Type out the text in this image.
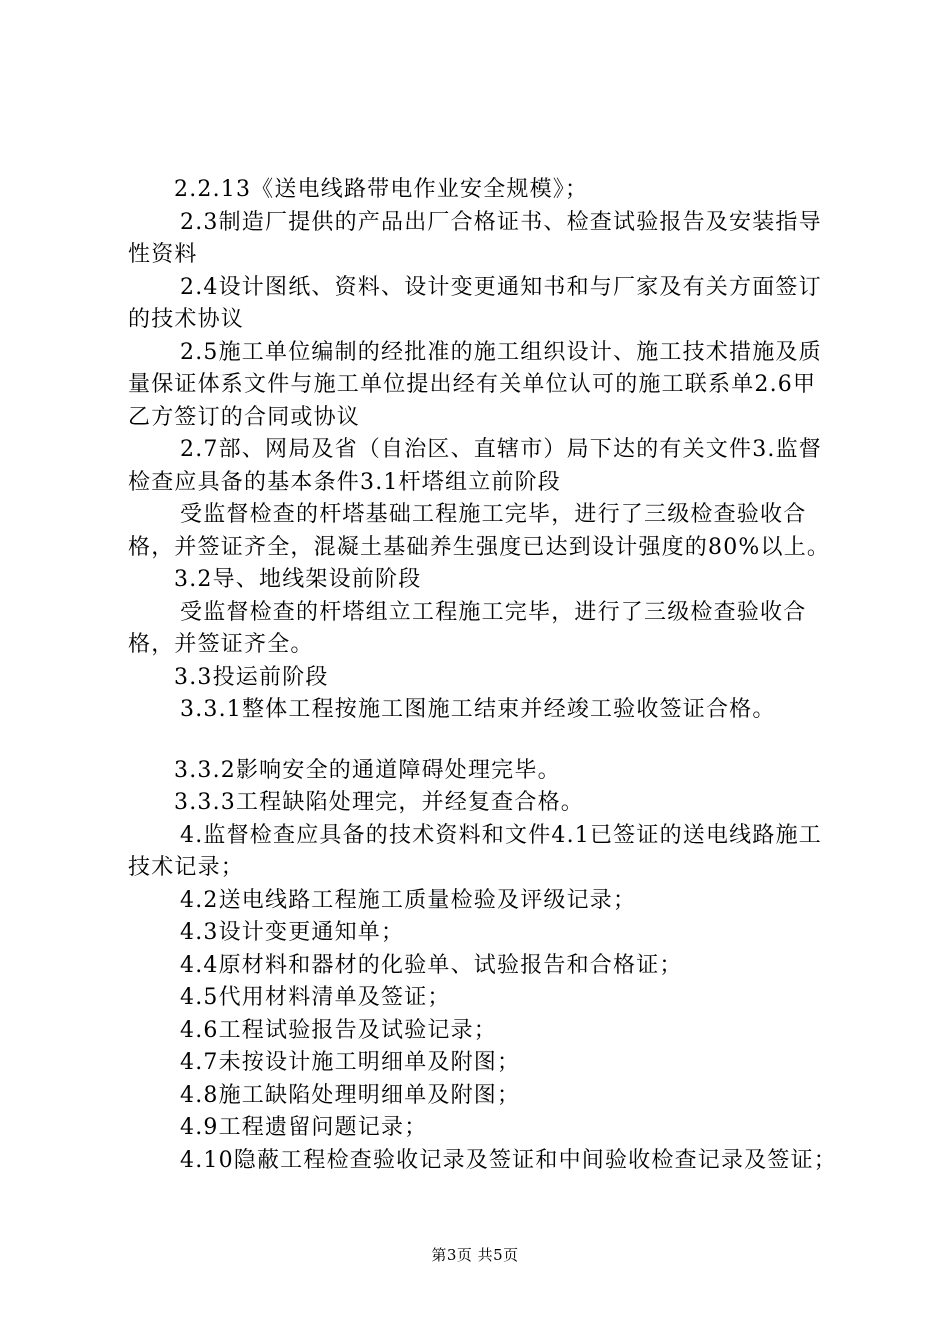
2.2.13《送电线路带电作业安全规模》；

2.3制造厂提供的产品出厂合格证书、检查试验报告及安装指导性资料

2.4设计图纸、资料、设计变更通知书和与厂家及有关方面签订的技术协议

2.5施工单位编制的经批准的施工组织设计、施工技术措施及质量保证体系文件与施工单位提出经有关单位认可的施工联系单2.6甲乙方签订的合同或协议

2.7部、网局及省（自治区、直辖市）局下达的有关文件3.监督检查应具备的基本条件3.1杆塔组立前阶段

受监督检查的杆塔基础工程施工完毕，进行了三级检查验收合格，并签证齐全，混凝土基础养生强度已达到设计强度的80%以上。

3.2导、地线架设前阶段

受监督检查的杆塔组立工程施工完毕，进行了三级检查验收合格，并签证齐全。

3.3投运前阶段

3.3.1整体工程按施工图施工结束并经竣工验收签证合格。

3.3.2影响安全的通道障碍处理完毕。

3.3.3工程缺陷处理完，并经复查合格。

4.监督检查应具备的技术资料和文件4.1已签证的送电线路施工技术记录；

4.2送电线路工程施工质量检验及评级记录；

4.3设计变更通知单；

4.4原材料和器材的化验单、试验报告和合格证；

4.5代用材料清单及签证；

4.6工程试验报告及试验记录；

4.7未按设计施工明细单及附图；

4.8施工缺陷处理明细单及附图；

4.9工程遗留问题记录；

4.10隐蔽工程检查验收记录及签证和中间验收检查记录及签证；

第3页 共5页
